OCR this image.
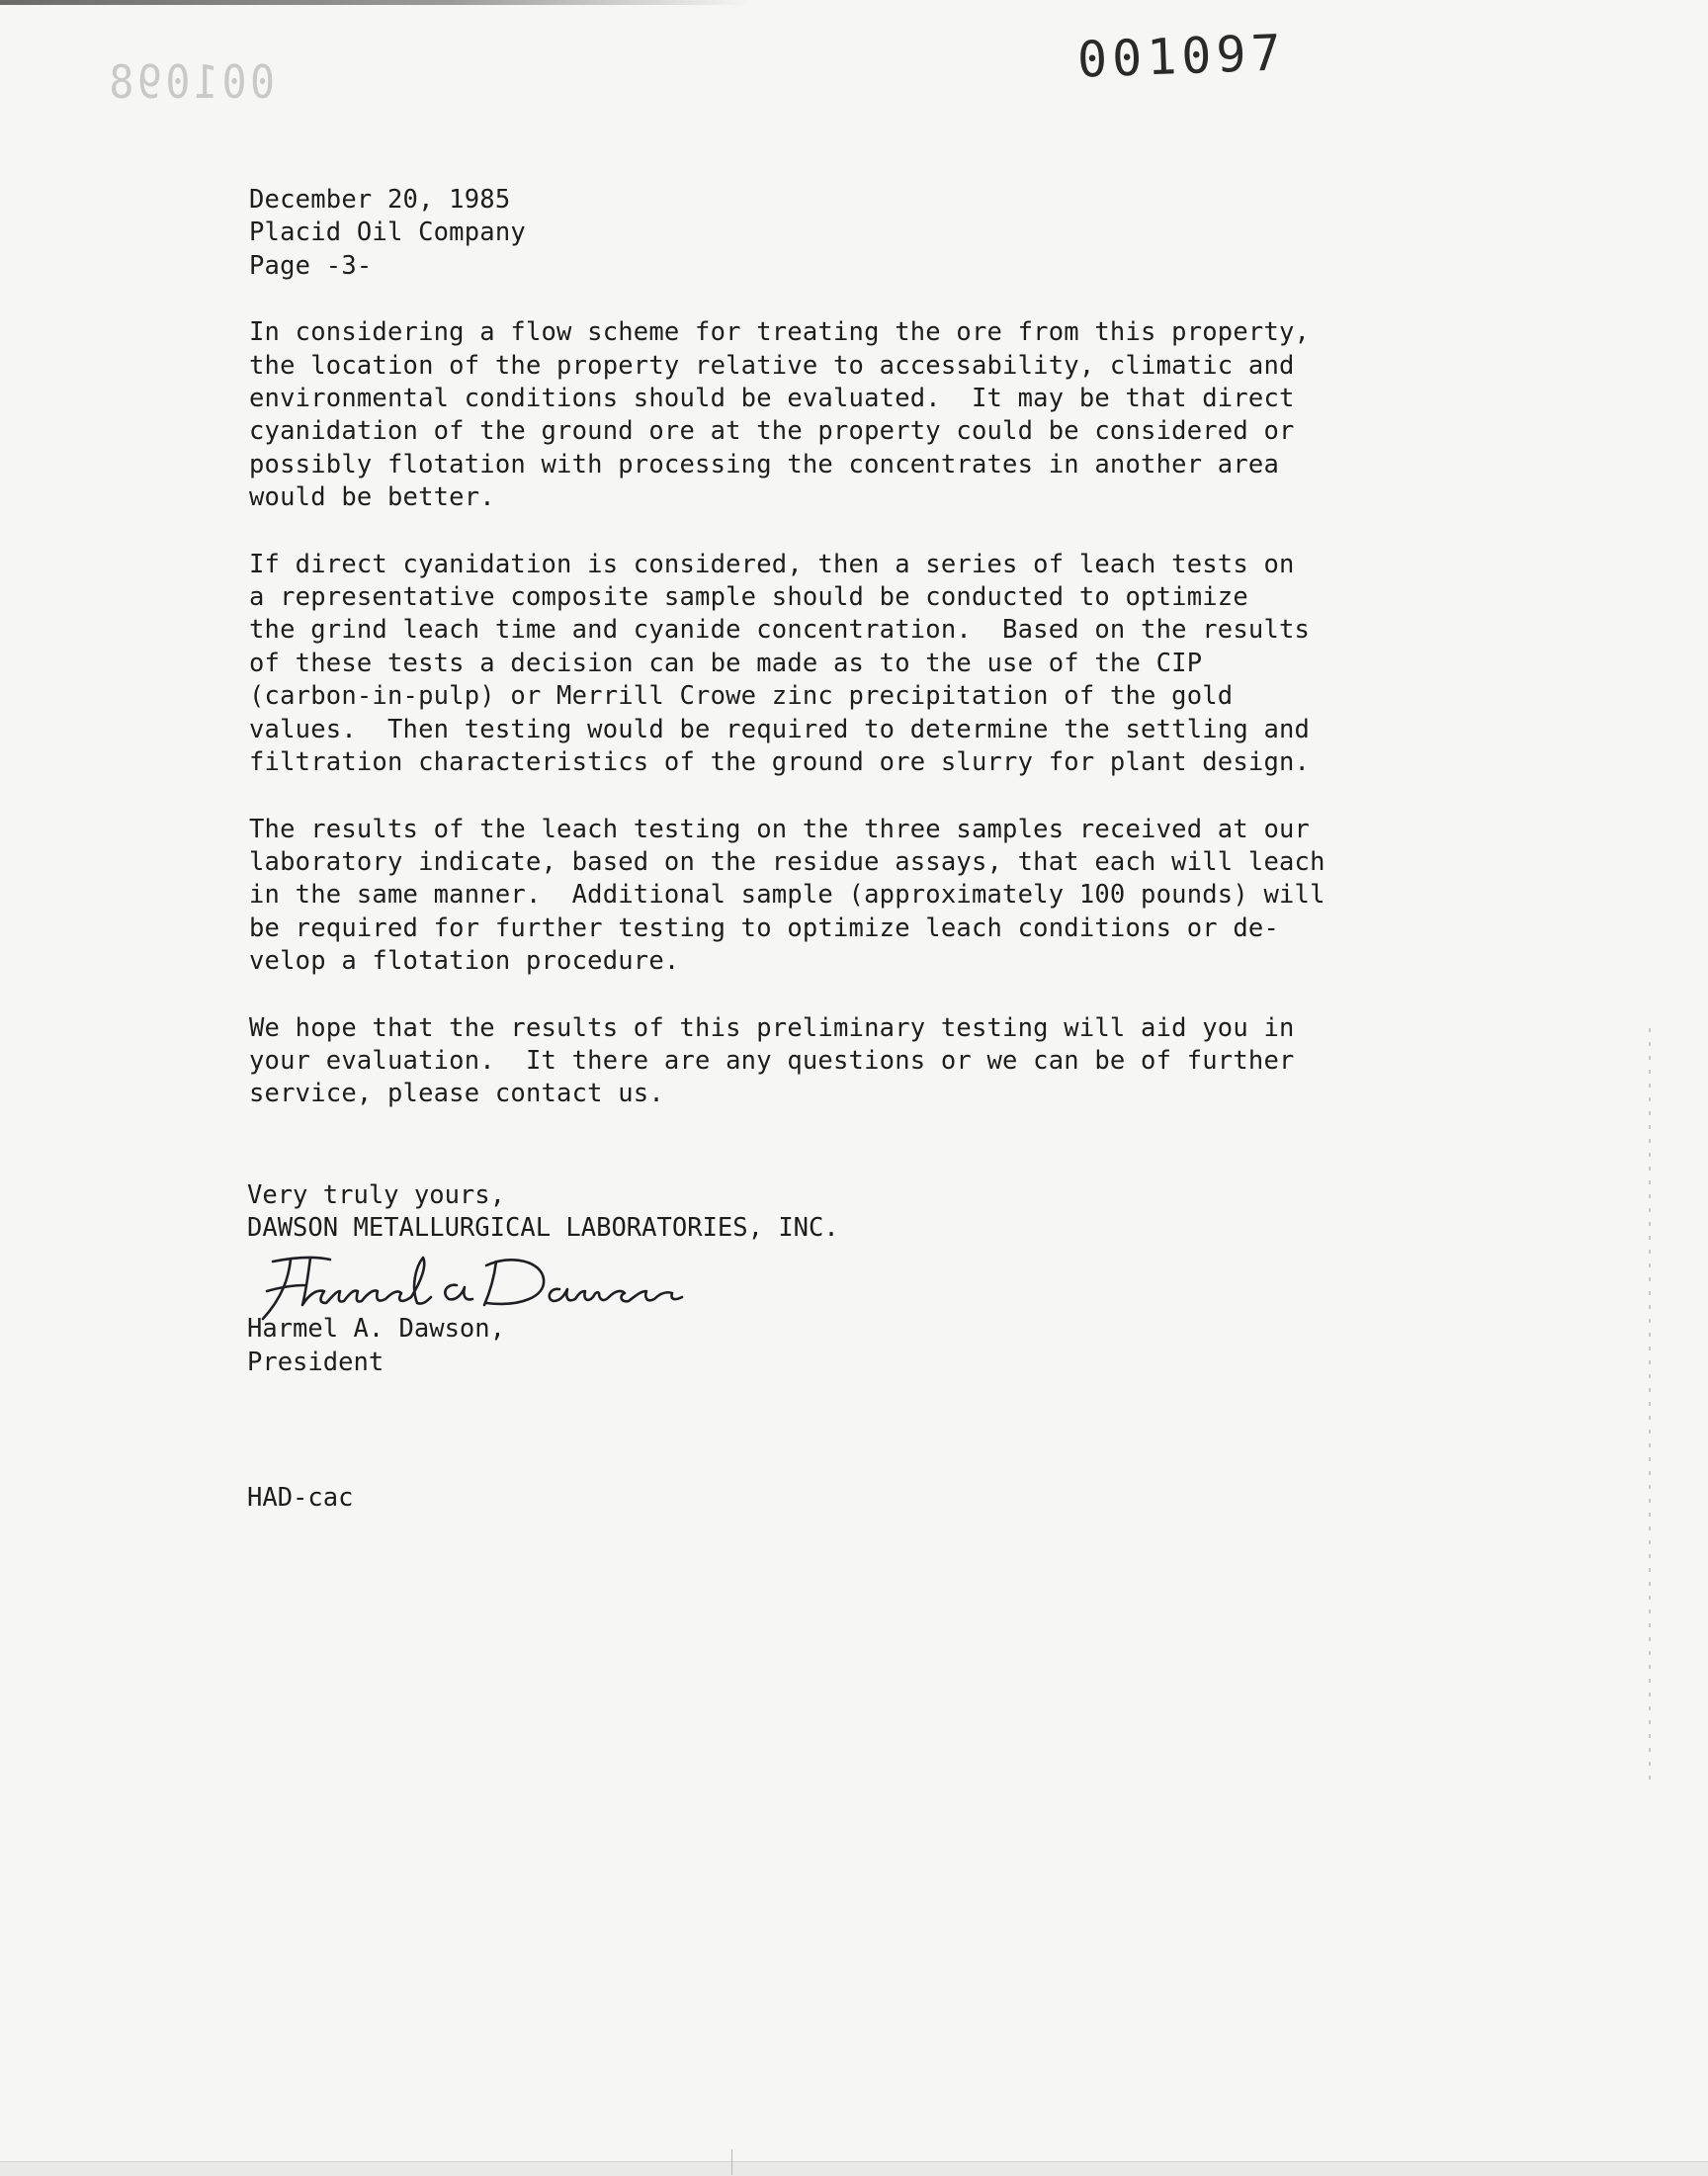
001098	001097
December 20, 1985
Placid Oil Company
Page -3-
In considering a flow scheme for treating the ore from this property,
the location of the property relative to accessability, climatic and
environmental conditions should be evaluated.  It may be that direct
cyanidation of the ground ore at the property could be considered or
possibly flotation with processing the concentrates in another area
would be better.
If direct cyanidation is considered, then a series of leach tests on
a representative composite sample should be conducted to optimize
the grind leach time and cyanide concentration.  Based on the results
of these tests a decision can be made as to the use of the CIP
(carbon-in-pulp) or Merrill Crowe zinc precipitation of the gold
values.  Then testing would be required to determine the settling and
filtration characteristics of the ground ore slurry for plant design.
The results of the leach testing on the three samples received at our
laboratory indicate, based on the residue assays, that each will leach
in the same manner.  Additional sample (approximately 100 pounds) will
be required for further testing to optimize leach conditions or de-
velop a flotation procedure.
We hope that the results of this preliminary testing will aid you in
your evaluation.  It there are any questions or we can be of further
service, please contact us.
Very truly yours,
DAWSON METALLURGICAL LABORATORIES, INC.
Harmel A. Dawson,
President
HAD-cac
